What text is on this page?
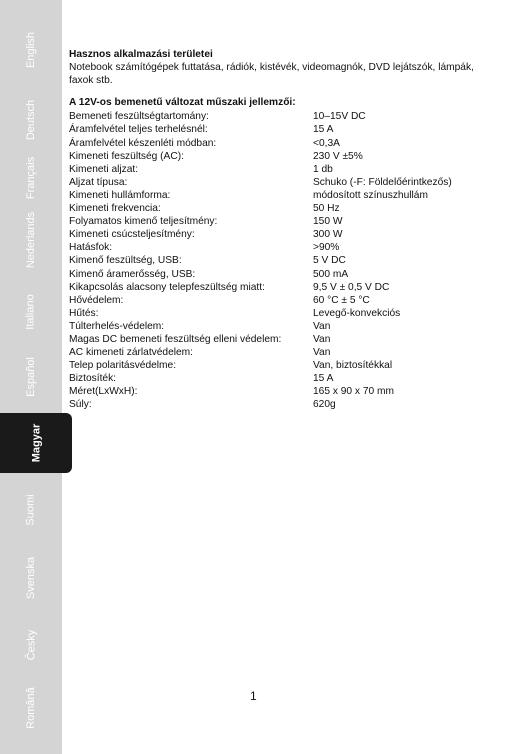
English
Deutsch
Français
Nederlands
Italiano
Español
Magyar
Suomi
Svenska
Česky
Română
Hasznos alkalmazási területei
Notebook számítógépek futtatása, rádiók, kistévék, videomagnók, DVD lejátszók, lámpák, faxok stb.
A 12V-os bemenetű változat műszaki jellemzői:
Bemeneti feszültségtartomány:	10–15V DC
Áramfelvétel teljes terhelésnél:	15 A
Áramfelvétel készenléti módban:	<0,3A
Kimeneti feszültség (AC):	230 V ±5%
Kimeneti aljzat:	1 db
Aljzat típusa:	Schuko (-F: Földelőérintkezős)
Kimeneti hullámforma:	módosított színuszhullám
Kimeneti frekvencia:	50 Hz
Folyamatos kimenő teljesítmény:	150 W
Kimeneti csúcsteljesítmény:	300 W
Hatásfok:	>90%
Kimenő feszültség, USB:	5 V DC
Kimenő áramerősség, USB:	500 mA
Kikapcsolás alacsony telepfeszültség miatt:	9,5 V ± 0,5 V DC
Hővédelem:	60 °C ± 5 °C
Hűtés:	Levegő-konvekciós
Túlterhelés-védelem:	Van
Magas DC bemeneti feszültség elleni védelem:	Van
AC kimeneti zárlatvédelem:	Van
Telep polaritásvédelme:	Van, biztosítékkal
Biztosíték:	15 A
Méret(LxWxH):	165 x 90 x 70 mm
Súly:	620g
1
